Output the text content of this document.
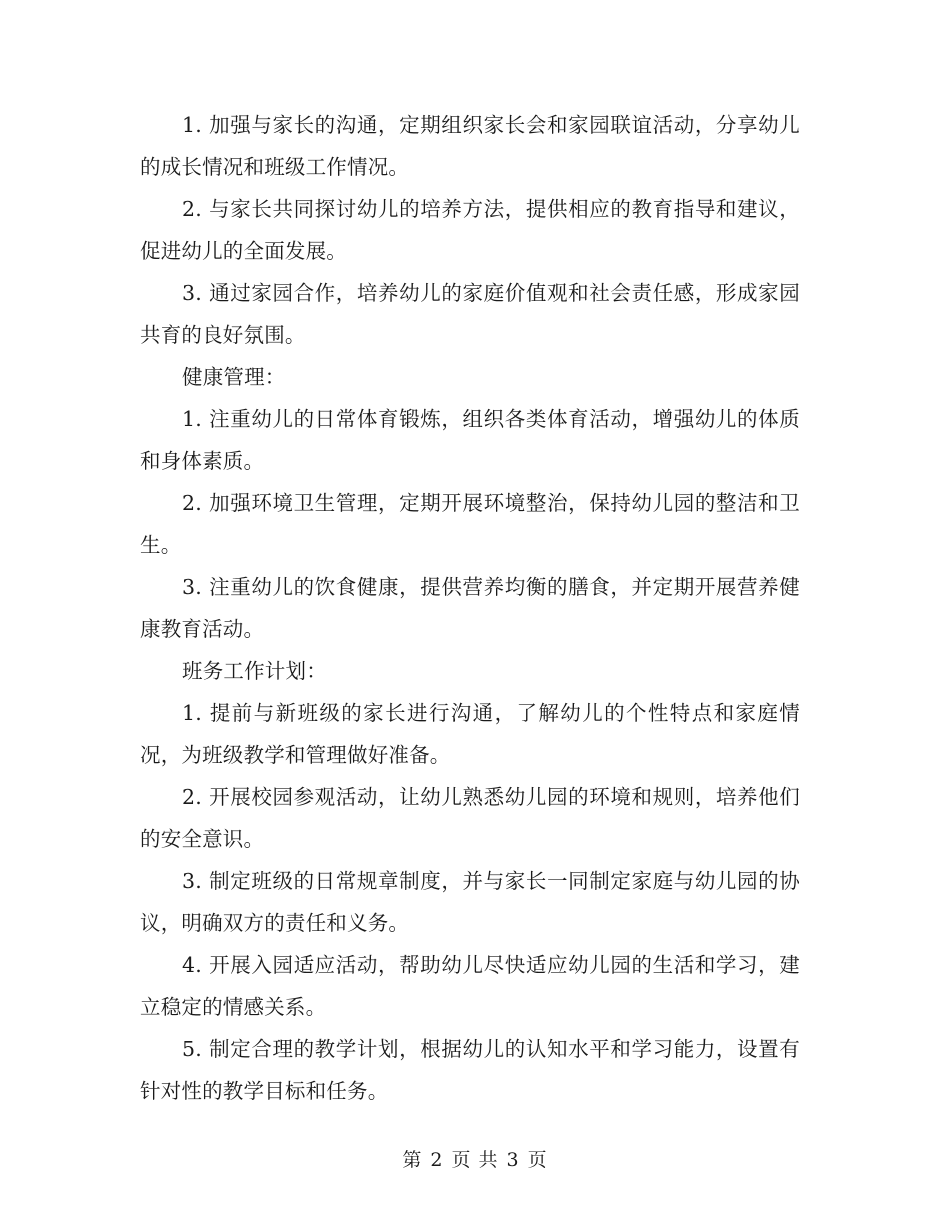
1. 加强与家长的沟通，定期组织家长会和家园联谊活动，分享幼儿的成长情况和班级工作情况。

2. 与家长共同探讨幼儿的培养方法，提供相应的教育指导和建议，促进幼儿的全面发展。

3. 通过家园合作，培养幼儿的家庭价值观和社会责任感，形成家园共育的良好氛围。

健康管理：

1. 注重幼儿的日常体育锻炼，组织各类体育活动，增强幼儿的体质和身体素质。

2. 加强环境卫生管理，定期开展环境整治，保持幼儿园的整洁和卫生。

3. 注重幼儿的饮食健康，提供营养均衡的膳食，并定期开展营养健康教育活动。

班务工作计划：

1. 提前与新班级的家长进行沟通，了解幼儿的个性特点和家庭情况，为班级教学和管理做好准备。

2. 开展校园参观活动，让幼儿熟悉幼儿园的环境和规则，培养他们的安全意识。

3. 制定班级的日常规章制度，并与家长一同制定家庭与幼儿园的协议，明确双方的责任和义务。

4. 开展入园适应活动，帮助幼儿尽快适应幼儿园的生活和学习，建立稳定的情感关系。

5. 制定合理的教学计划，根据幼儿的认知水平和学习能力，设置有针对性的教学目标和任务。

第 2 页 共 3 页
